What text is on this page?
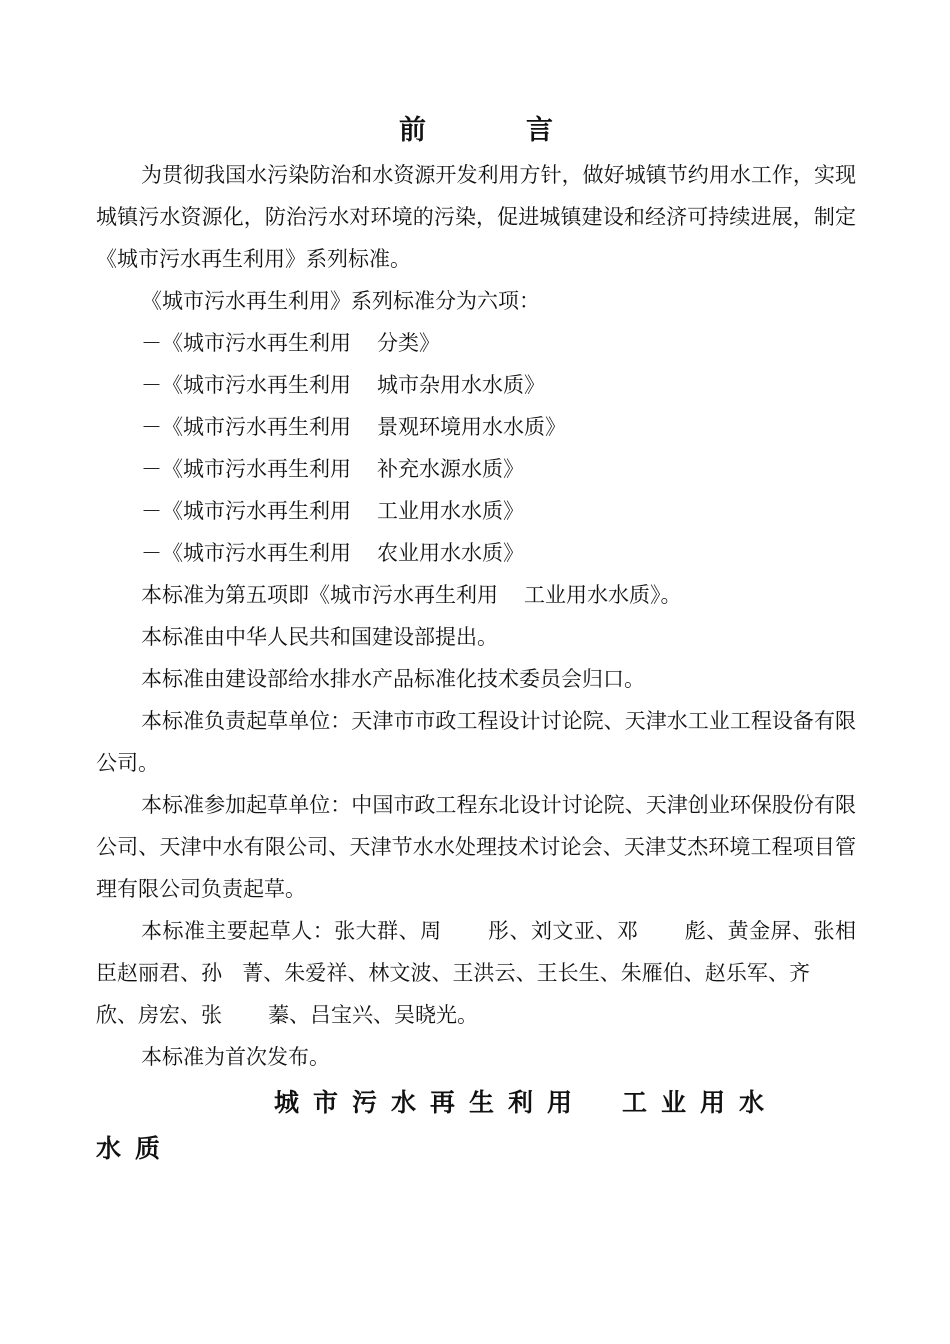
前	言

为贯彻我国水污染防治和水资源开发利用方针，做好城镇节约用水工作，实现城镇污水资源化，防治污水对环境的污染，促进城镇建设和经济可持续进展，制定《城市污水再生利用》系列标准。

《城市污水再生利用》系列标准分为六项：

－《城市污水再生利用 分类》

－《城市污水再生利用 城市杂用水水质》

－《城市污水再生利用 景观环境用水水质》

－《城市污水再生利用 补充水源水质》

－《城市污水再生利用 工业用水水质》

－《城市污水再生利用 农业用水水质》

本标准为第五项即《城市污水再生利用 工业用水水质》。

本标准由中华人民共和国建设部提出。

本标准由建设部给水排水产品标准化技术委员会归口。

本标准负责起草单位：天津市市政工程设计讨论院、天津水工业工程设备有限公司。

本标准参加起草单位：中国市政工程东北设计讨论院、天津创业环保股份有限公司、天津中水有限公司、天津节水水处理技术讨论会、天津艾杰环境工程项目管理有限公司负责起草。

本标准主要起草人：张大群、周 彤、刘文亚、邓 彪、黄金屏、张相臣赵丽君、孙 菁、朱爱祥、林文波、王洪云、王长生、朱雁伯、赵乐军、齐欣、房宏、张 蓁、吕宝兴、吴晓光。

本标准为首次发布。

城市污水再生利用 工业用水
水质
